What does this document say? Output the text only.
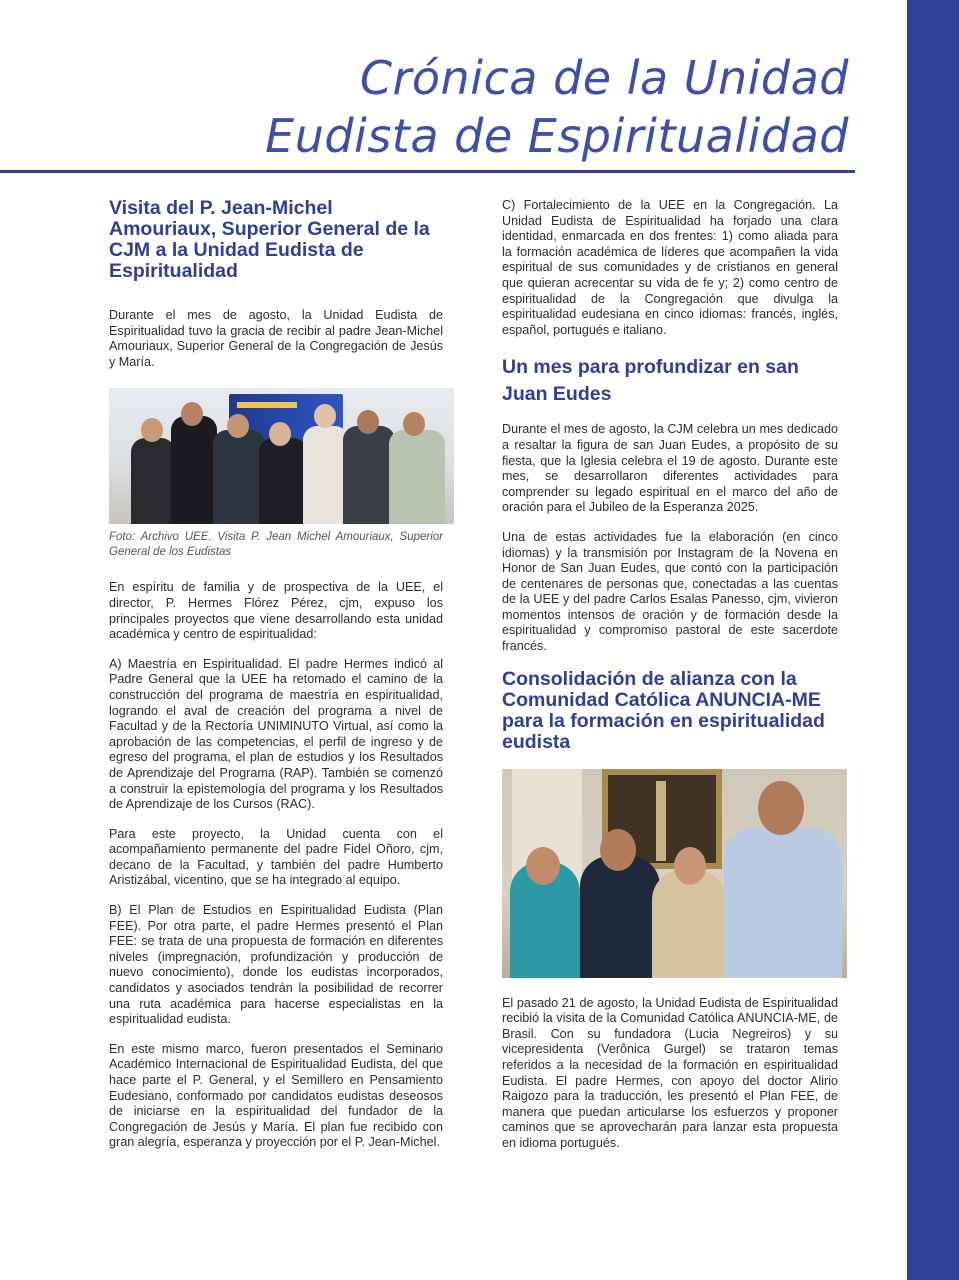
Crónica de la Unidad
Eudista de Espiritualidad
Visita del P. Jean-Michel Amouriaux, Superior General de la CJM a la Unidad Eudista de Espiritualidad

Durante el mes de agosto, la Unidad Eudista de Espiritualidad tuvo la gracia de recibir al padre Jean-Michel Amouriaux, Superior General de la Congregación de Jesús y María.

Foto: Archivo UEE. Visita P. Jean Michel Amouriaux, Superior General de los Eudistas

En espíritu de familia y de prospectiva de la UEE, el director, P. Hermes Flórez Pérez, cjm, expuso los principales proyectos que viene desarrollando esta unidad académica y centro de espiritualidad:

A) Maestría en Espiritualidad. El padre Hermes indicó al Padre General que la UEE ha retomado el camino de la construcción del programa de maestría en espiritualidad, logrando el aval de creación del programa a nivel de Facultad y de la Rectoría UNIMINUTO Virtual, así como la aprobación de las competencias, el perfil de ingreso y de egreso del programa, el plan de estudios y los Resultados de Aprendizaje del Programa (RAP). También se comenzó a construir la epistemología del programa y los Resultados de Aprendizaje de los Cursos (RAC).

Para este proyecto, la Unidad cuenta con el acompañamiento permanente del padre Fidel Oñoro, cjm, decano de la Facultad, y también del padre Humberto Aristizábal, vicentino, que se ha integrado al equipo.

B) El Plan de Estudios en Espiritualidad Eudista (Plan FEE). Por otra parte, el padre Hermes presentó el Plan FEE: se trata de una propuesta de formación en diferentes niveles (impregnación, profundización y producción de nuevo conocimiento), donde los eudistas incorporados, candidatos y asociados tendrán la posibilidad de recorrer una ruta académica para hacerse especialistas en la espiritualidad eudista.

En este mismo marco, fueron presentados el Seminario Académico Internacional de Espiritualidad Eudista, del que hace parte el P. General, y el Semillero en Pensamiento Eudesiano, conformado por candidatos eudistas deseosos de iniciarse en la espiritualidad del fundador de la Congregación de Jesús y María. El plan fue recibido con gran alegría, esperanza y proyección por el P. Jean-Michel.

C) Fortalecimiento de la UEE en la Congregación. La Unidad Eudista de Espiritualidad ha forjado una clara identidad, enmarcada en dos frentes: 1) como aliada para la formación académica de líderes que acompañen la vida espiritual de sus comunidades y de cristianos en general que quieran acrecentar su vida de fe y; 2) como centro de espiritualidad de la Congregación que divulga la espiritualidad eudesiana en cinco idiomas: francés, inglés, español, portugués e italiano.

Un mes para profundizar en san Juan Eudes

Durante el mes de agosto, la CJM celebra un mes dedicado a resaltar la figura de san Juan Eudes, a propósito de su fiesta, que la Iglesia celebra el 19 de agosto. Durante este mes, se desarrollaron diferentes actividades para comprender su legado espiritual en el marco del año de oración para el Jubileo de la Esperanza 2025.

Una de estas actividades fue la elaboración (en cinco idiomas) y la transmisión por Instagram de la Novena en Honor de San Juan Eudes, que contó con la participación de centenares de personas que, conectadas a las cuentas de la UEE y del padre Carlos Esalas Panesso, cjm, vivieron momentos intensos de oración y de formación desde la espiritualidad y compromiso pastoral de este sacerdote francés.

Consolidación de alianza con la Comunidad Católica ANUNCIA-ME para la formación en espiritualidad eudista

El pasado 21 de agosto, la Unidad Eudista de Espiritualidad recibió la visita de la Comunidad Católica ANUNCIA-ME, de Brasil. Con su fundadora (Lucia Negreiros) y su vicepresidenta (Verônica Gurgel) se trataron temas referidos a la necesidad de la formación en espiritualidad Eudista. El padre Hermes, con apoyo del doctor Alirio Raigozo para la traducción, les presentó el Plan FEE, de manera que puedan articularse los esfuerzos y proponer caminos que se aprovecharán para lanzar esta propuesta en idioma portugués.
